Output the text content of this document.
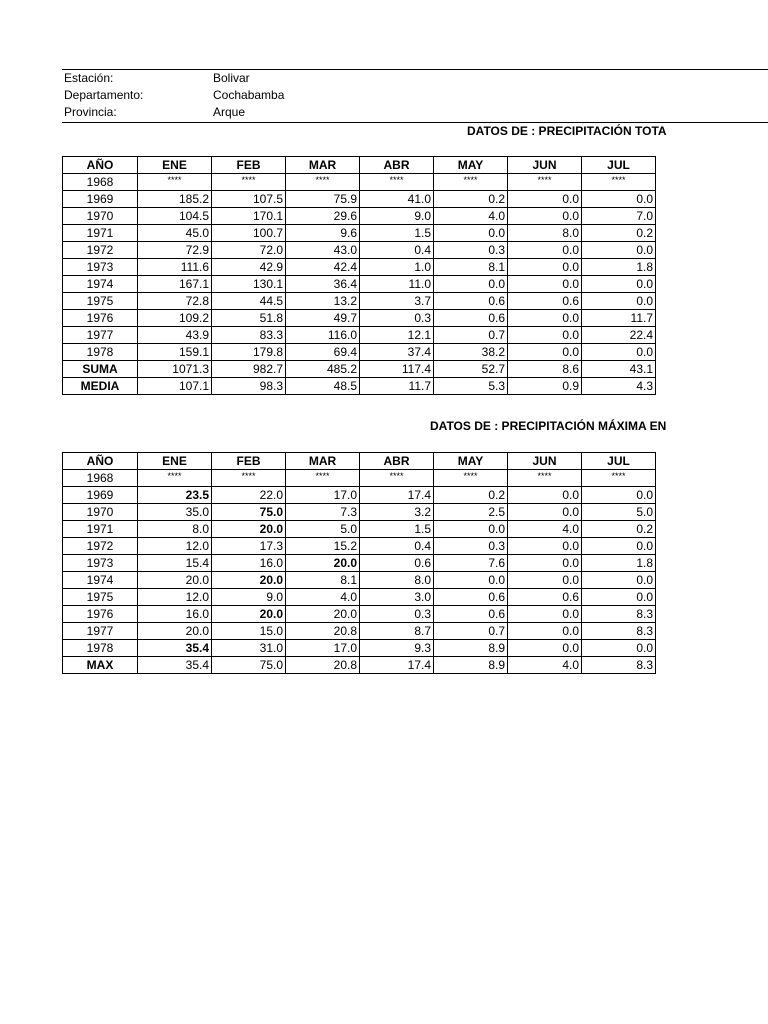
Estación:	Bolivar
Departamento:	Cochabamba
Provincia:	Arque
DATOS DE : PRECIPITACIÓN TOTA
AÑO	ENE	FEB	MAR	ABR	MAY	JUN	JUL
1968	****	****	****	****	****	****	****
1969	185.2	107.5	75.9	41.0	0.2	0.0	0.0
1970	104.5	170.1	29.6	9.0	4.0	0.0	7.0
1971	45.0	100.7	9.6	1.5	0.0	8.0	0.2
1972	72.9	72.0	43.0	0.4	0.3	0.0	0.0
1973	111.6	42.9	42.4	1.0	8.1	0.0	1.8
1974	167.1	130.1	36.4	11.0	0.0	0.0	0.0
1975	72.8	44.5	13.2	3.7	0.6	0.6	0.0
1976	109.2	51.8	49.7	0.3	0.6	0.0	11.7
1977	43.9	83.3	116.0	12.1	0.7	0.0	22.4
1978	159.1	179.8	69.4	37.4	38.2	0.0	0.0
SUMA	1071.3	982.7	485.2	117.4	52.7	8.6	43.1
MEDIA	107.1	98.3	48.5	11.7	5.3	0.9	4.3
DATOS DE : PRECIPITACIÓN MÁXIMA EN
AÑO	ENE	FEB	MAR	ABR	MAY	JUN	JUL
1968	****	****	****	****	****	****	****
1969	23.5	22.0	17.0	17.4	0.2	0.0	0.0
1970	35.0	75.0	7.3	3.2	2.5	0.0	5.0
1971	8.0	20.0	5.0	1.5	0.0	4.0	0.2
1972	12.0	17.3	15.2	0.4	0.3	0.0	0.0
1973	15.4	16.0	20.0	0.6	7.6	0.0	1.8
1974	20.0	20.0	8.1	8.0	0.0	0.0	0.0
1975	12.0	9.0	4.0	3.0	0.6	0.6	0.0
1976	16.0	20.0	20.0	0.3	0.6	0.0	8.3
1977	20.0	15.0	20.8	8.7	0.7	0.0	8.3
1978	35.4	31.0	17.0	9.3	8.9	0.0	0.0
MAX	35.4	75.0	20.8	17.4	8.9	4.0	8.3
